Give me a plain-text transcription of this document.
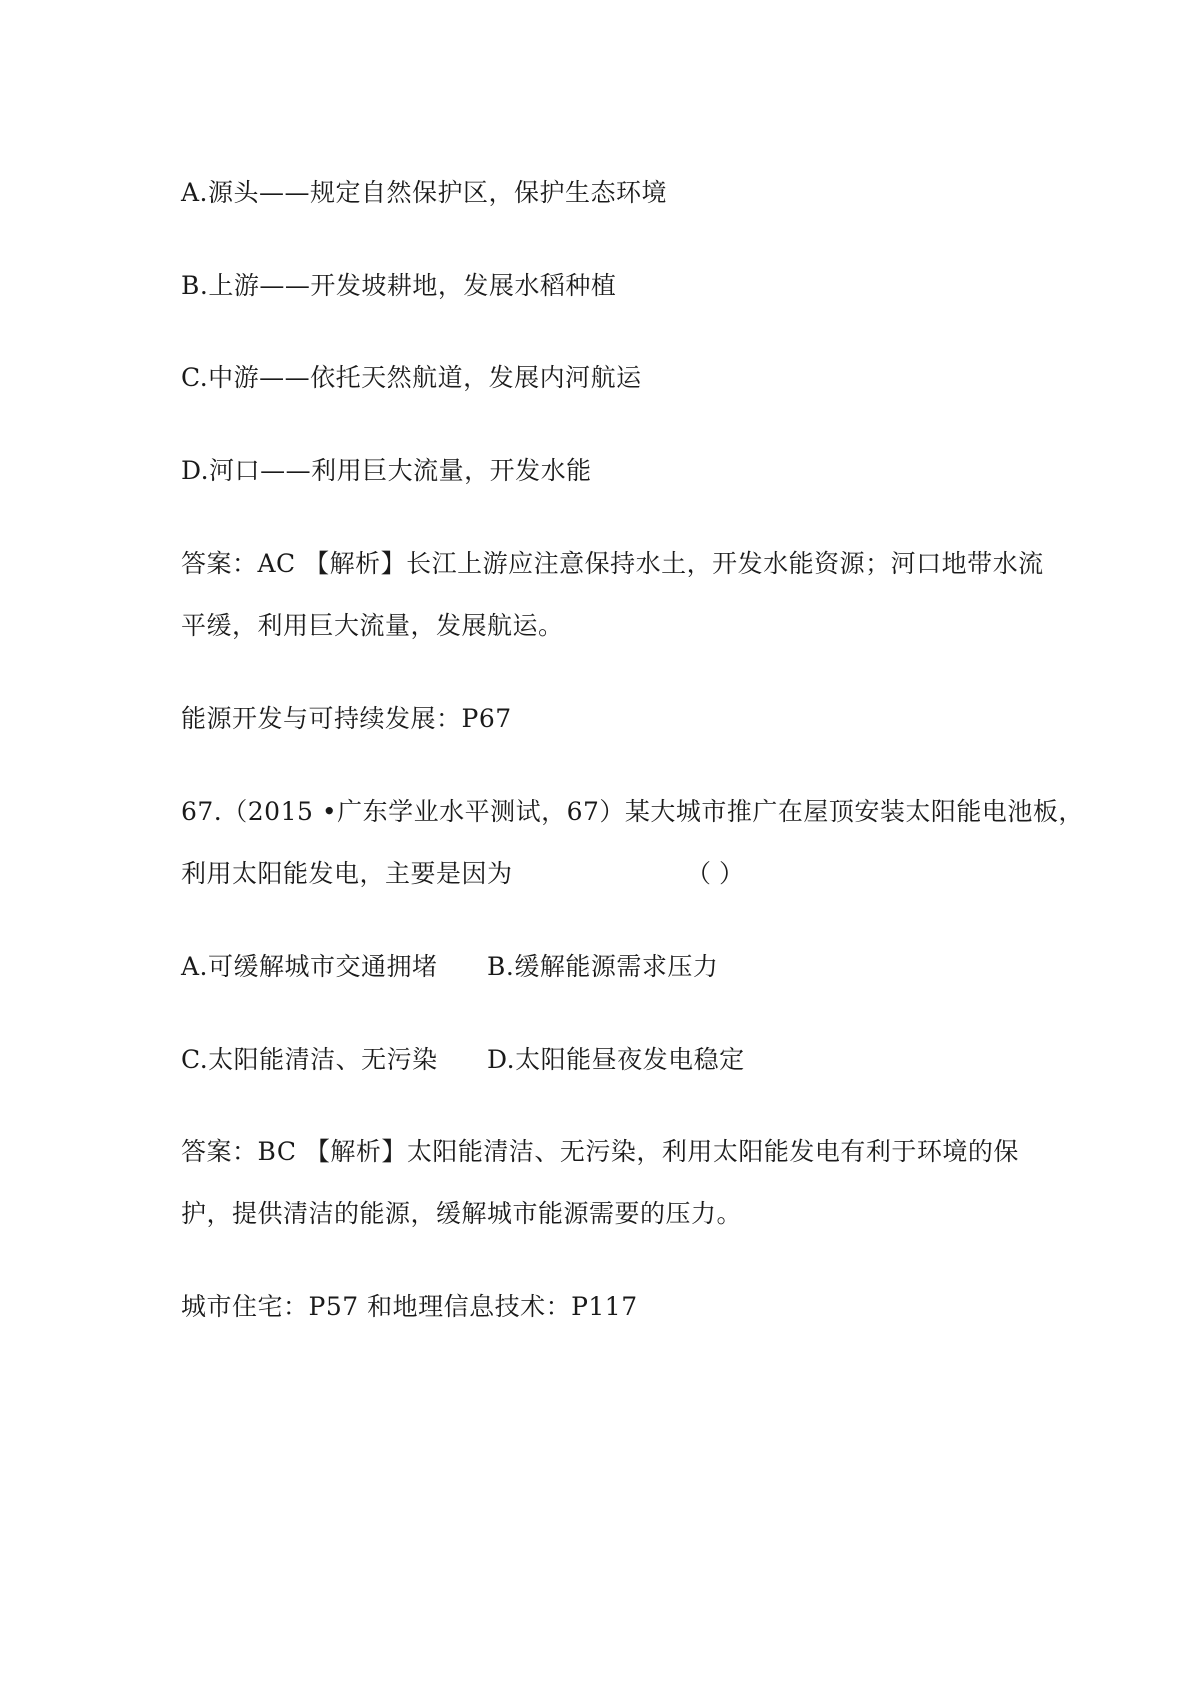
A.源头——规定自然保护区，保护生态环境
B.上游——开发坡耕地，发展水稻种植
C.中游——依托天然航道，发展内河航运
D.河口——利用巨大流量，开发水能
答案：AC 【解析】长江上游应注意保持水土，开发水能资源；河口地带水流
平缓，利用巨大流量，发展航运。
能源开发与可持续发展：P67
67.（2015 •广东学业水平测试，67）某大城市推广在屋顶安装太阳能电池板，
利用太阳能发电，主要是因为	（ ）
A.可缓解城市交通拥堵 B.缓解能源需求压力
C.太阳能清洁、无污染 D.太阳能昼夜发电稳定
答案：BC 【解析】太阳能清洁、无污染，利用太阳能发电有利于环境的保
护，提供清洁的能源，缓解城市能源需要的压力。
城市住宅：P57 和地理信息技术：P117
